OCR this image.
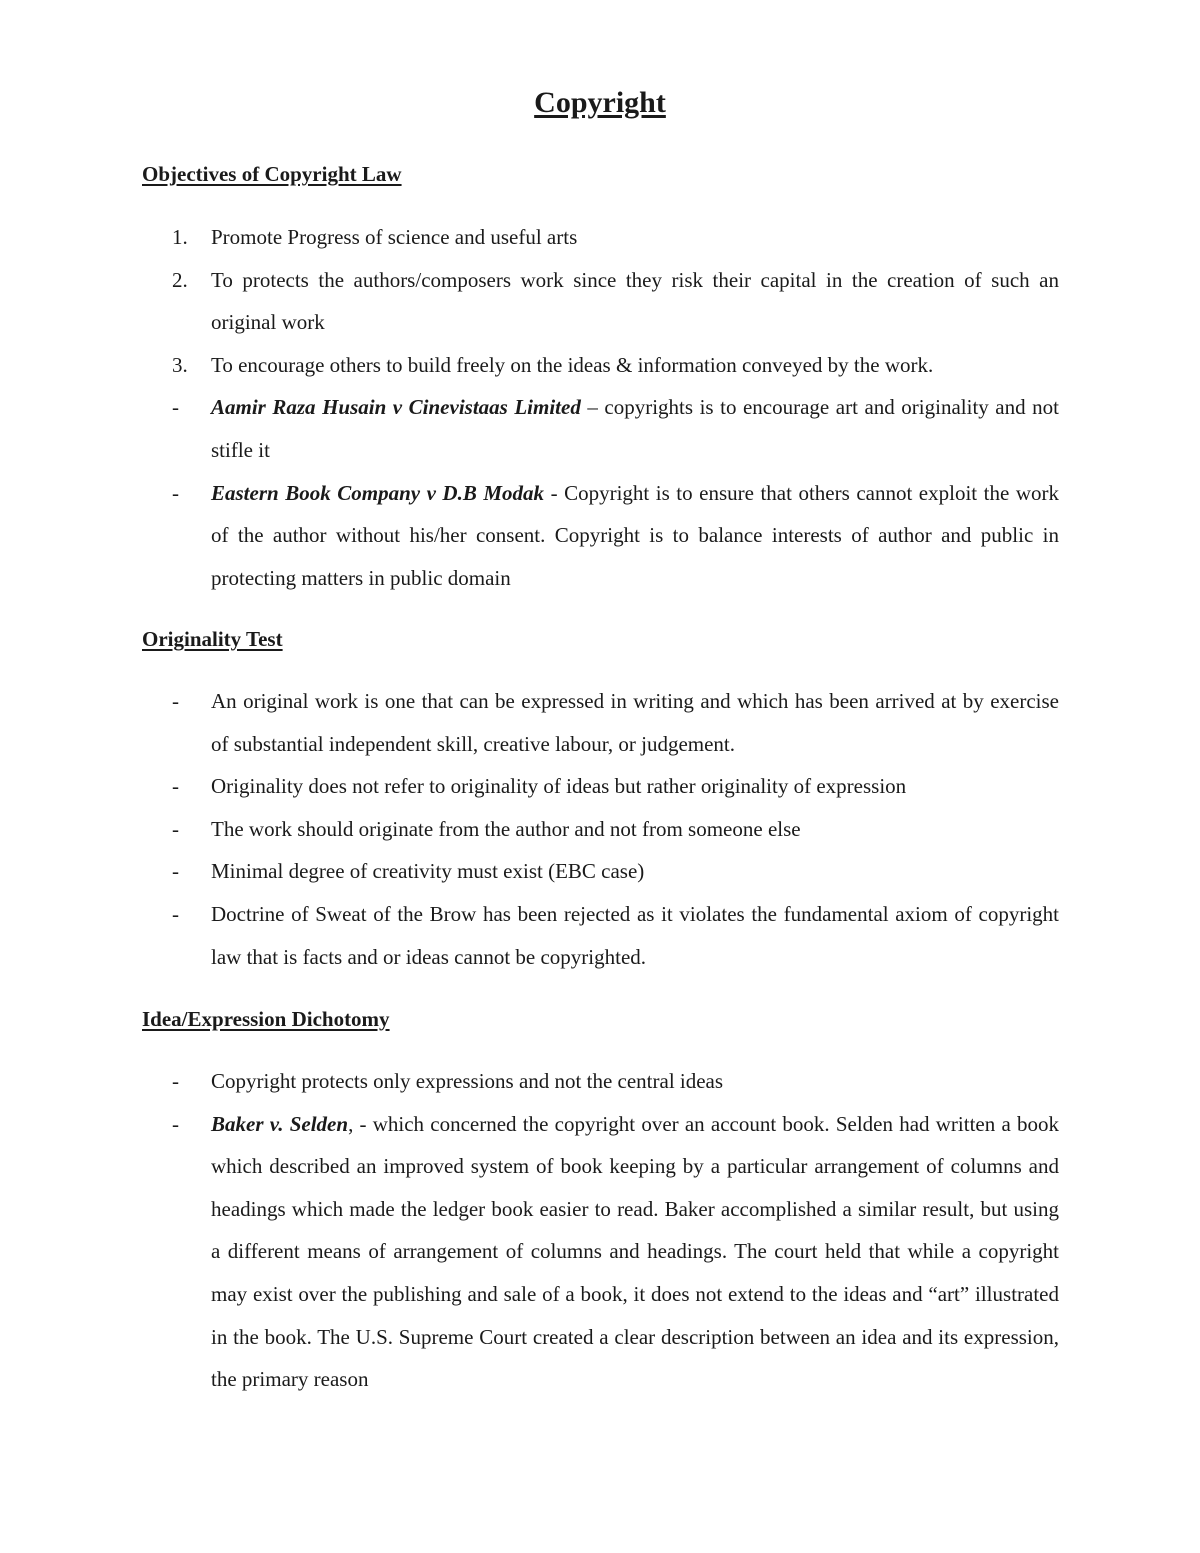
Copyright
Objectives of Copyright Law
1.	Promote Progress of science and useful arts
2.	To protects the authors/composers work since they risk their capital in the creation of such an original work
3.	To encourage others to build freely on the ideas & information conveyed by the work.
-	Aamir Raza Husain v Cinevistaas Limited – copyrights is to encourage art and originality and not stifle it
-	Eastern Book Company v D.B Modak - Copyright is to ensure that others cannot exploit the work of the author without his/her consent. Copyright is to balance interests of author and public in protecting matters in public domain
Originality Test
-	An original work is one that can be expressed in writing and which has been arrived at by exercise of substantial independent skill, creative labour, or judgement.
-	Originality does not refer to originality of ideas but rather originality of expression
-	The work should originate from the author and not from someone else
-	Minimal degree of creativity must exist (EBC case)
-	Doctrine of Sweat of the Brow has been rejected as it violates the fundamental axiom of copyright law that is facts and or ideas cannot be copyrighted.
Idea/Expression Dichotomy
-	Copyright protects only expressions and not the central ideas
-	Baker v. Selden, - which concerned the copyright over an account book. Selden had written a book which described an improved system of book keeping by a particular arrangement of columns and headings which made the ledger book easier to read. Baker accomplished a similar result, but using a different means of arrangement of columns and headings. The court held that while a copyright may exist over the publishing and sale of a book, it does not extend to the ideas and “art” illustrated in the book. The U.S. Supreme Court created a clear description between an idea and its expression, the primary reason
